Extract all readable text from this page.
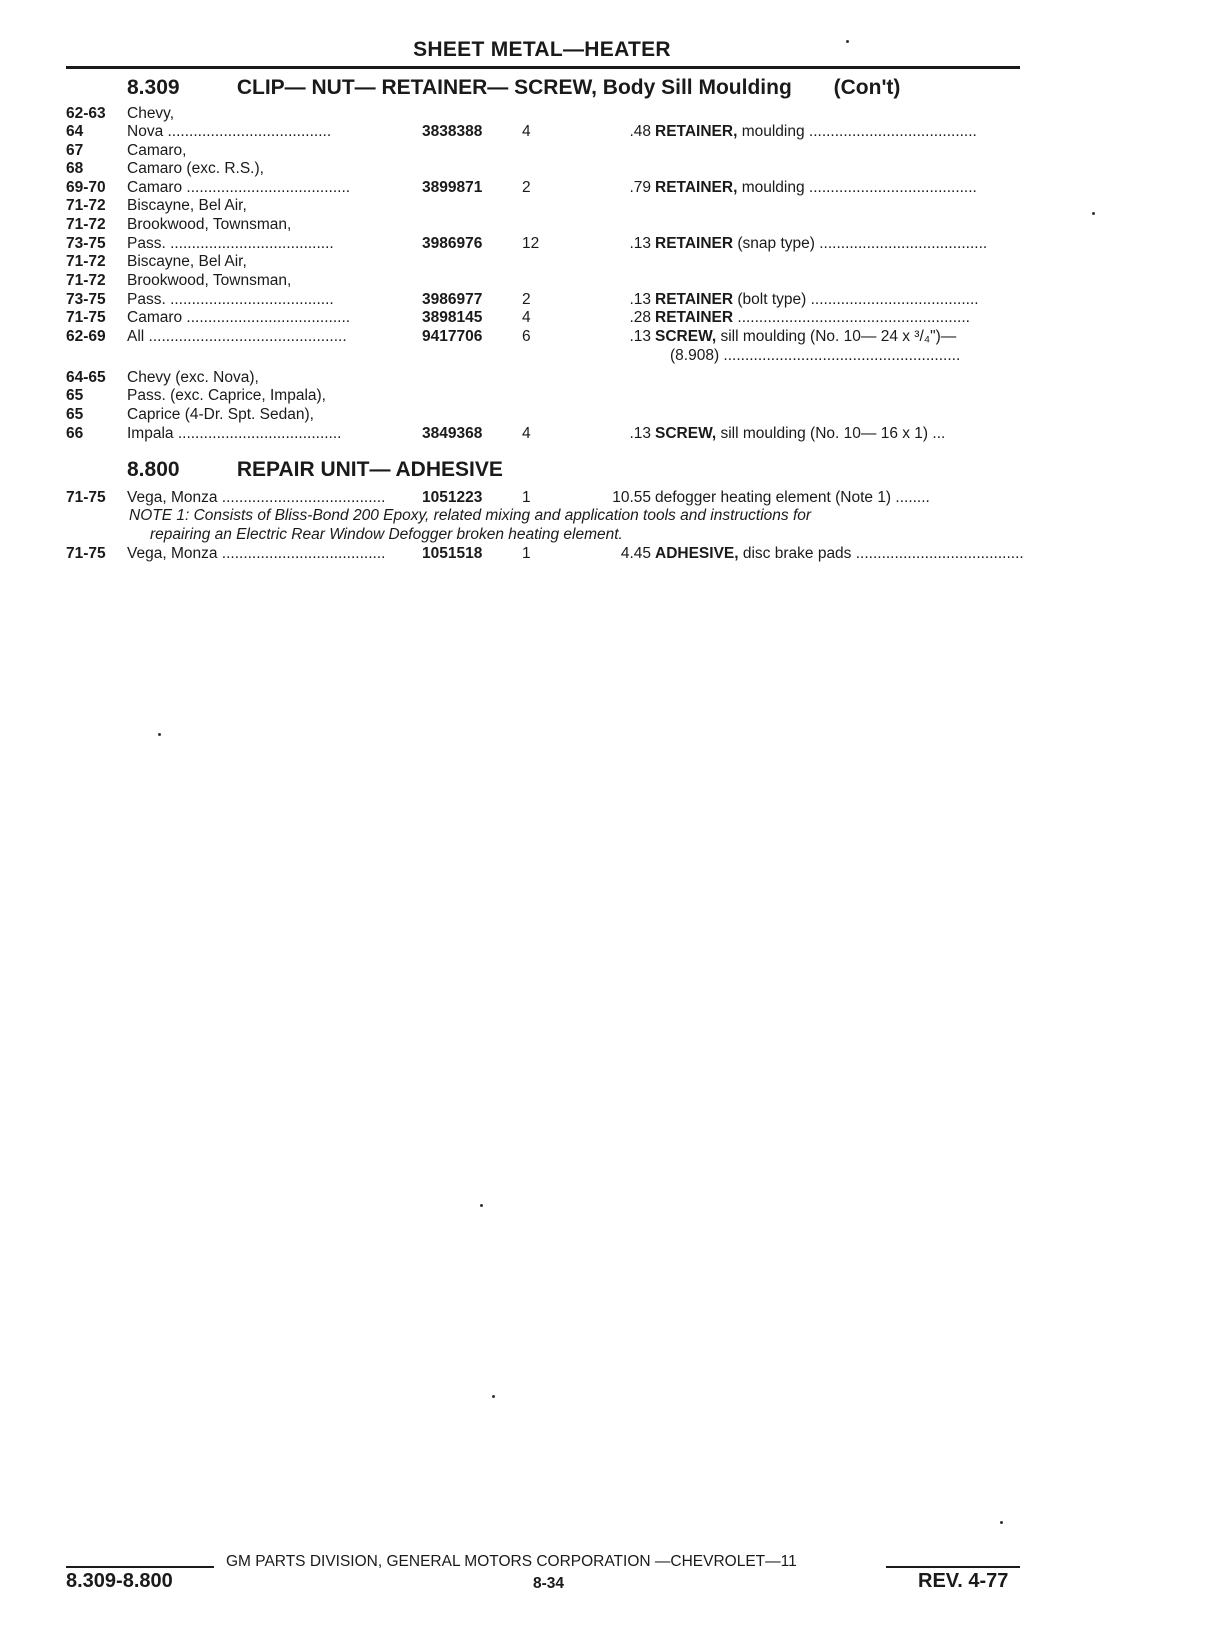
SHEET METAL—HEATER
8.309	CLIP— NUT— RETAINER— SCREW, Body Sill Moulding (Con't)
62-63 Chevy,
64	Nova ......................................	3838388	4	.48 RETAINER, moulding .......................................
67	Camaro,
68	Camaro (exc. R.S.),
69-70 Camaro ......................................	3899871	2	.79 RETAINER, moulding .......................................
71-72 Biscayne, Bel Air,
71-72 Brookwood, Townsman,
73-75 Pass. ......................................	3986976	12	.13 RETAINER (snap type) .......................................
71-72 Biscayne, Bel Air,
71-72 Brookwood, Townsman,
73-75 Pass. ......................................	3986977	2	.13 RETAINER (bolt type) .......................................
71-75 Camaro ......................................	3898145	4	.28 RETAINER ......................................................
62-69 All ..............................................	9417706	6	.13 SCREW, sill moulding (No. 10— 24 x ³/₄")—
(8.908) .......................................................
64-65 Chevy (exc. Nova),
65	Pass. (exc. Caprice, Impala),
65	Caprice (4-Dr. Spt. Sedan),
66	Impala ......................................	3849368	4	.13 SCREW, sill moulding (No. 10— 16 x 1) ...
8.800	REPAIR UNIT— ADHESIVE
71-75 Vega, Monza ......................................	1051223	1	10.55 defogger heating element (Note 1) ........
NOTE 1: Consists of Bliss-Bond 200 Epoxy, related mixing and application tools and instructions for
repairing an Electric Rear Window Defogger broken heating element.
71-75 Vega, Monza ......................................	1051518	1	4.45 ADHESIVE, disc brake pads .......................................
GM PARTS DIVISION, GENERAL MOTORS CORPORATION —CHEVROLET—11
8.309-8.800	8-34	REV. 4-77
